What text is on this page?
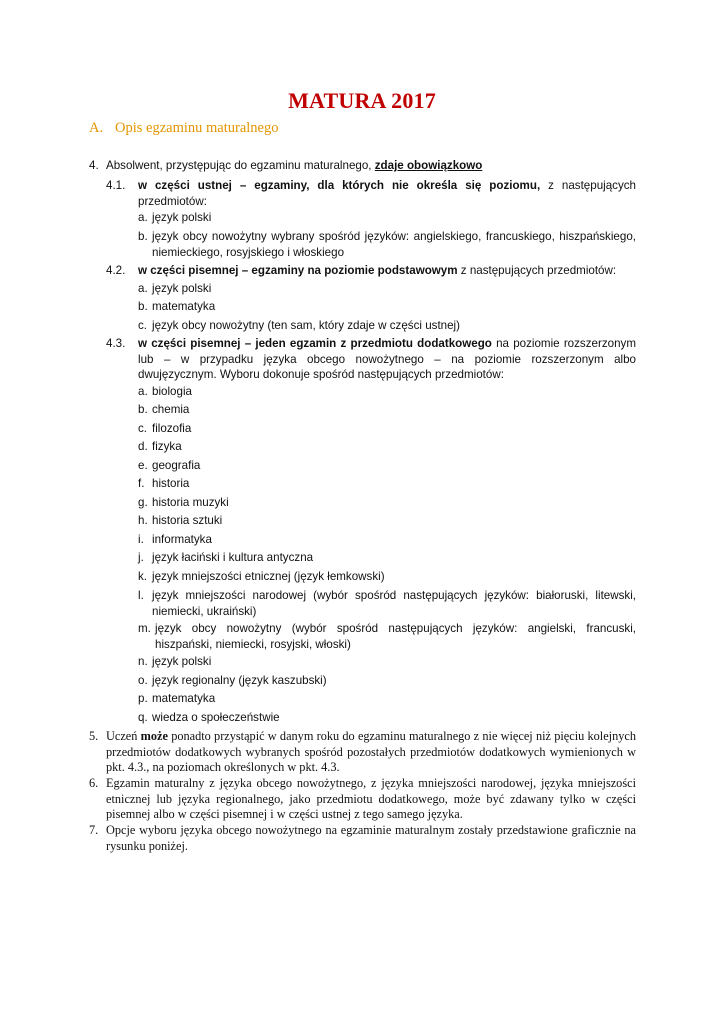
MATURA 2017
A. Opis egzaminu maturalnego
4. Absolwent, przystępując do egzaminu maturalnego, zdaje obowiązkowo
4.1. w części ustnej – egzaminy, dla których nie określa się poziomu, z następujących przedmiotów:
a. język polski
b. język obcy nowożytny wybrany spośród języków: angielskiego, francuskiego, hiszpańskiego, niemieckiego, rosyjskiego i włoskiego
4.2. w części pisemnej – egzaminy na poziomie podstawowym z następujących przedmiotów:
a. język polski
b. matematyka
c. język obcy nowożytny (ten sam, który zdaje w części ustnej)
4.3. w części pisemnej – jeden egzamin z przedmiotu dodatkowego na poziomie rozszerzonym lub – w przypadku języka obcego nowożytnego – na poziomie rozszerzonym albo dwujęzycznym. Wyboru dokonuje spośród następujących przedmiotów:
a. biologia
b. chemia
c. filozofia
d. fizyka
e. geografia
f. historia
g. historia muzyki
h. historia sztuki
i. informatyka
j. język łaciński i kultura antyczna
k. język mniejszości etnicznej (język łemkowski)
l. język mniejszości narodowej (wybór spośród następujących języków: białoruski, litewski, niemiecki, ukraiński)
m. język obcy nowożytny (wybór spośród następujących języków: angielski, francuski, hiszpański, niemiecki, rosyjski, włoski)
n. język polski
o. język regionalny (język kaszubski)
p. matematyka
q. wiedza o społeczeństwie
5. Uczeń może ponadto przystąpić w danym roku do egzaminu maturalnego z nie więcej niż pięciu kolejnych przedmiotów dodatkowych wybranych spośród pozostałych przedmiotów dodatkowych wymienionych w pkt. 4.3., na poziomach określonych w pkt. 4.3.
6. Egzamin maturalny z języka obcego nowożytnego, z języka mniejszości narodowej, języka mniejszości etnicznej lub języka regionalnego, jako przedmiotu dodatkowego, może być zdawany tylko w części pisemnej albo w części pisemnej i w części ustnej z tego samego języka.
7. Opcje wyboru języka obcego nowożytnego na egzaminie maturalnym zostały przedstawione graficznie na rysunku poniżej.
